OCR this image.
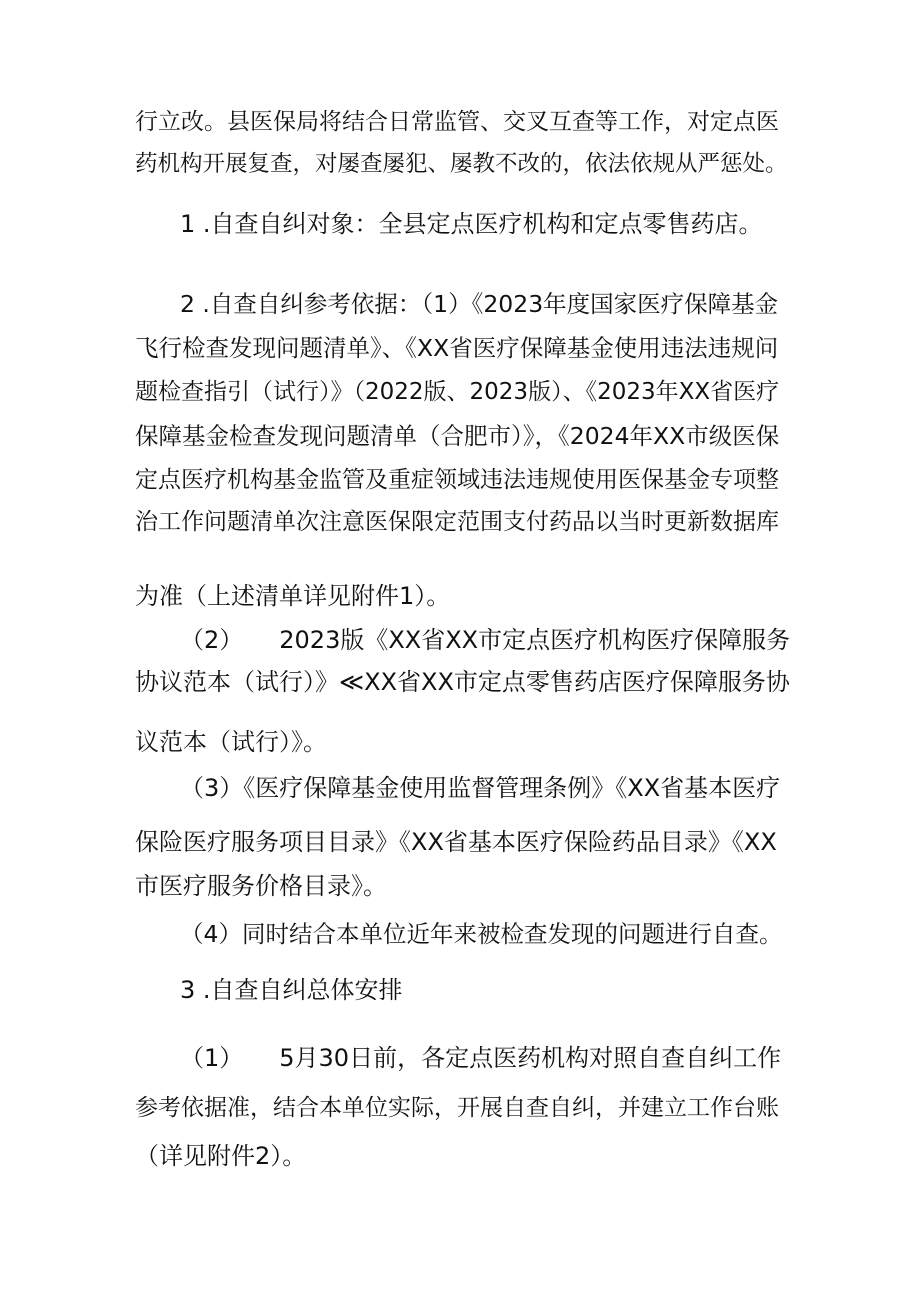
行立改。县医保局将结合日常监管、交叉互查等工作，对定点医

药机构开展复查，对屡查屡犯、屡教不改的，依法依规从严惩处。

1 .自查自纠对象：全县定点医疗机构和定点零售药店。

2 .自查自纠参考依据：（1）《2023年度国家医疗保障基金

飞行检查发现问题清单》、《XX省医疗保障基金使用违法违规问

题检查指引（试行）》（2022版、2023版）、《2023年XX省医疗

保障基金检查发现问题清单（合肥市）》，《2024年XX市级医保

定点医疗机构基金监管及重症领域违法违规使用医保基金专项整

治工作问题清单次注意医保限定范围支付药品以当时更新数据库

为准（上述清单详见附件1）。

（2）　　2023版《XX省XX市定点医疗机构医疗保障服务

协议范本（试行）》≪XX省XX市定点零售药店医疗保障服务协

议范本（试行）》。

（3）《医疗保障基金使用监督管理条例》《XX省基本医疗

保险医疗服务项目目录》《XX省基本医疗保险药品目录》《XX

市医疗服务价格目录》。

（4）同时结合本单位近年来被检查发现的问题进行自查。

3 .自查自纠总体安排

（1）　　5月30日前，各定点医药机构对照自查自纠工作

参考依据准，结合本单位实际，开展自查自纠，并建立工作台账

（详见附件2）。
